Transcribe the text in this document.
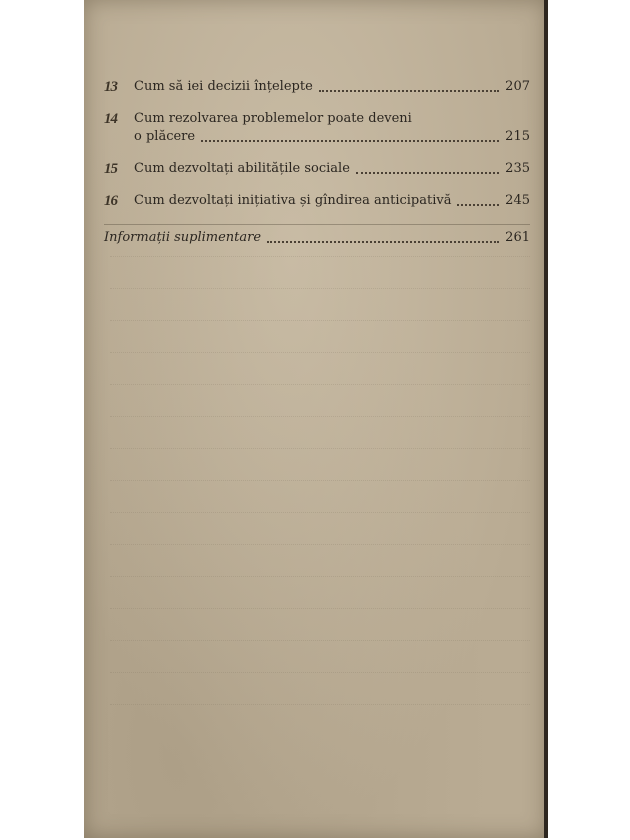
13	Cum să iei decizii înțelepte	207
14	Cum rezolvarea problemelor poate deveni
o plăcere	215
15	Cum dezvoltați abilitățile sociale	235
16	Cum dezvoltați inițiativa și gîndirea anticipativă	245
Informații suplimentare	261
